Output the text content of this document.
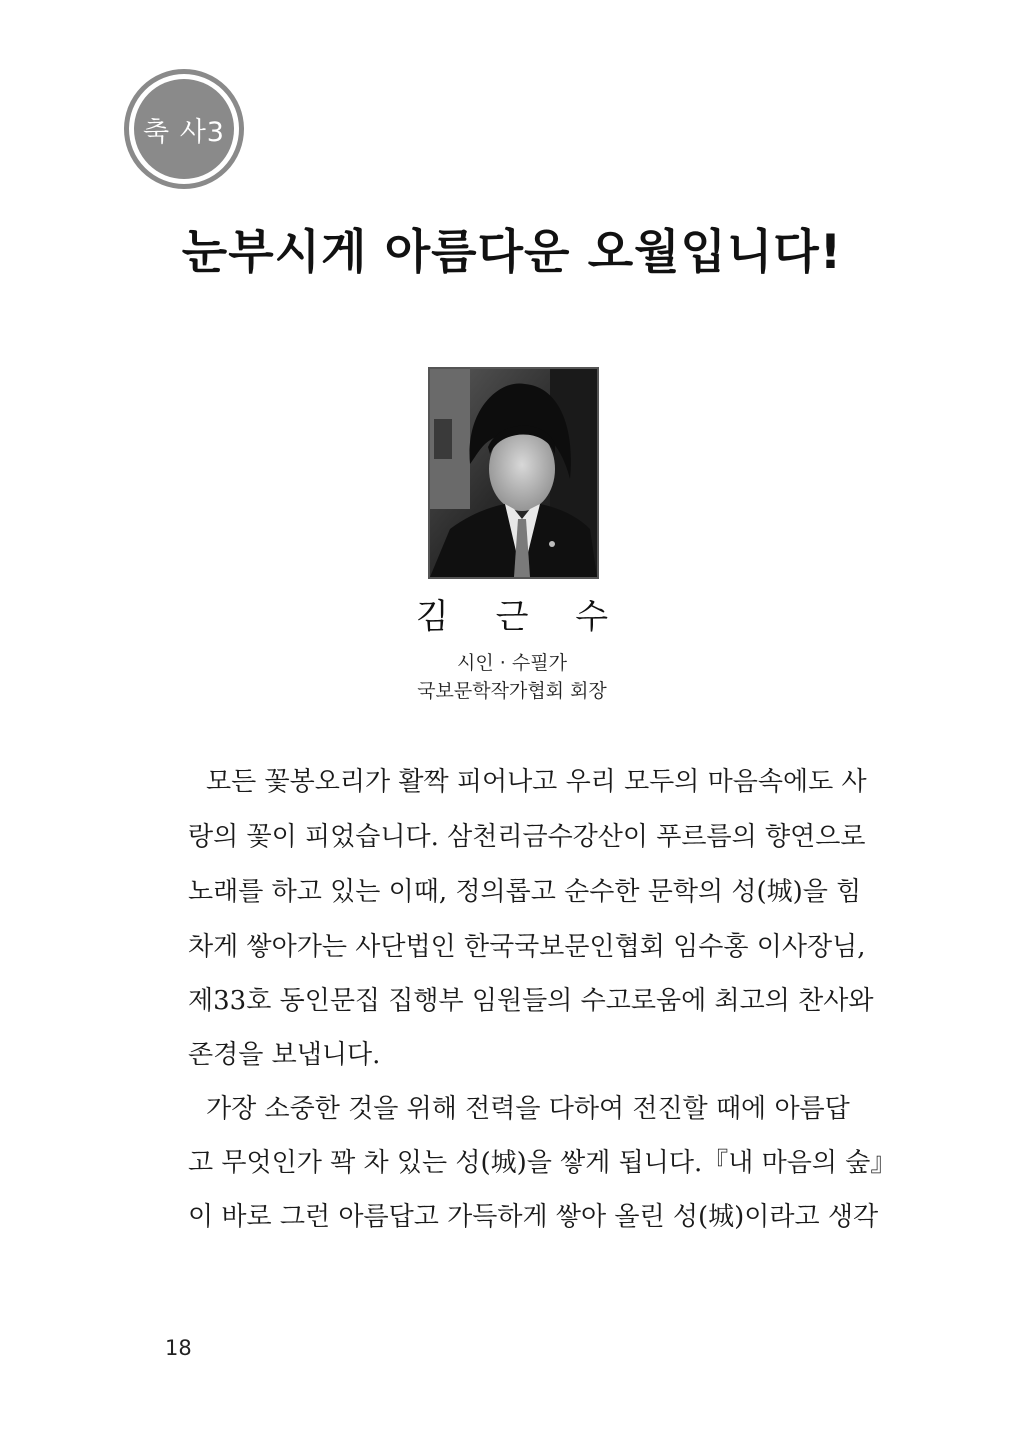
축 사3
눈부시게 아름다운 오월입니다!
김 근 수
시인 · 수필가
국보문학작가협회 회장
모든 꽃봉오리가 활짝 피어나고 우리 모두의 마음속에도 사
랑의 꽃이 피었습니다. 삼천리금수강산이 푸르름의 향연으로
노래를 하고 있는 이때, 정의롭고 순수한 문학의 성(城)을 힘
차게 쌓아가는 사단법인 한국국보문인협회 임수홍 이사장님,
제33호 동인문집 집행부 임원들의 수고로움에 최고의 찬사와
존경을 보냅니다.
가장 소중한 것을 위해 전력을 다하여 전진할 때에 아름답
고 무엇인가 꽉 차 있는 성(城)을 쌓게 됩니다.『내 마음의 숲』
이 바로 그런 아름답고 가득하게 쌓아 올린 성(城)이라고 생각
18
